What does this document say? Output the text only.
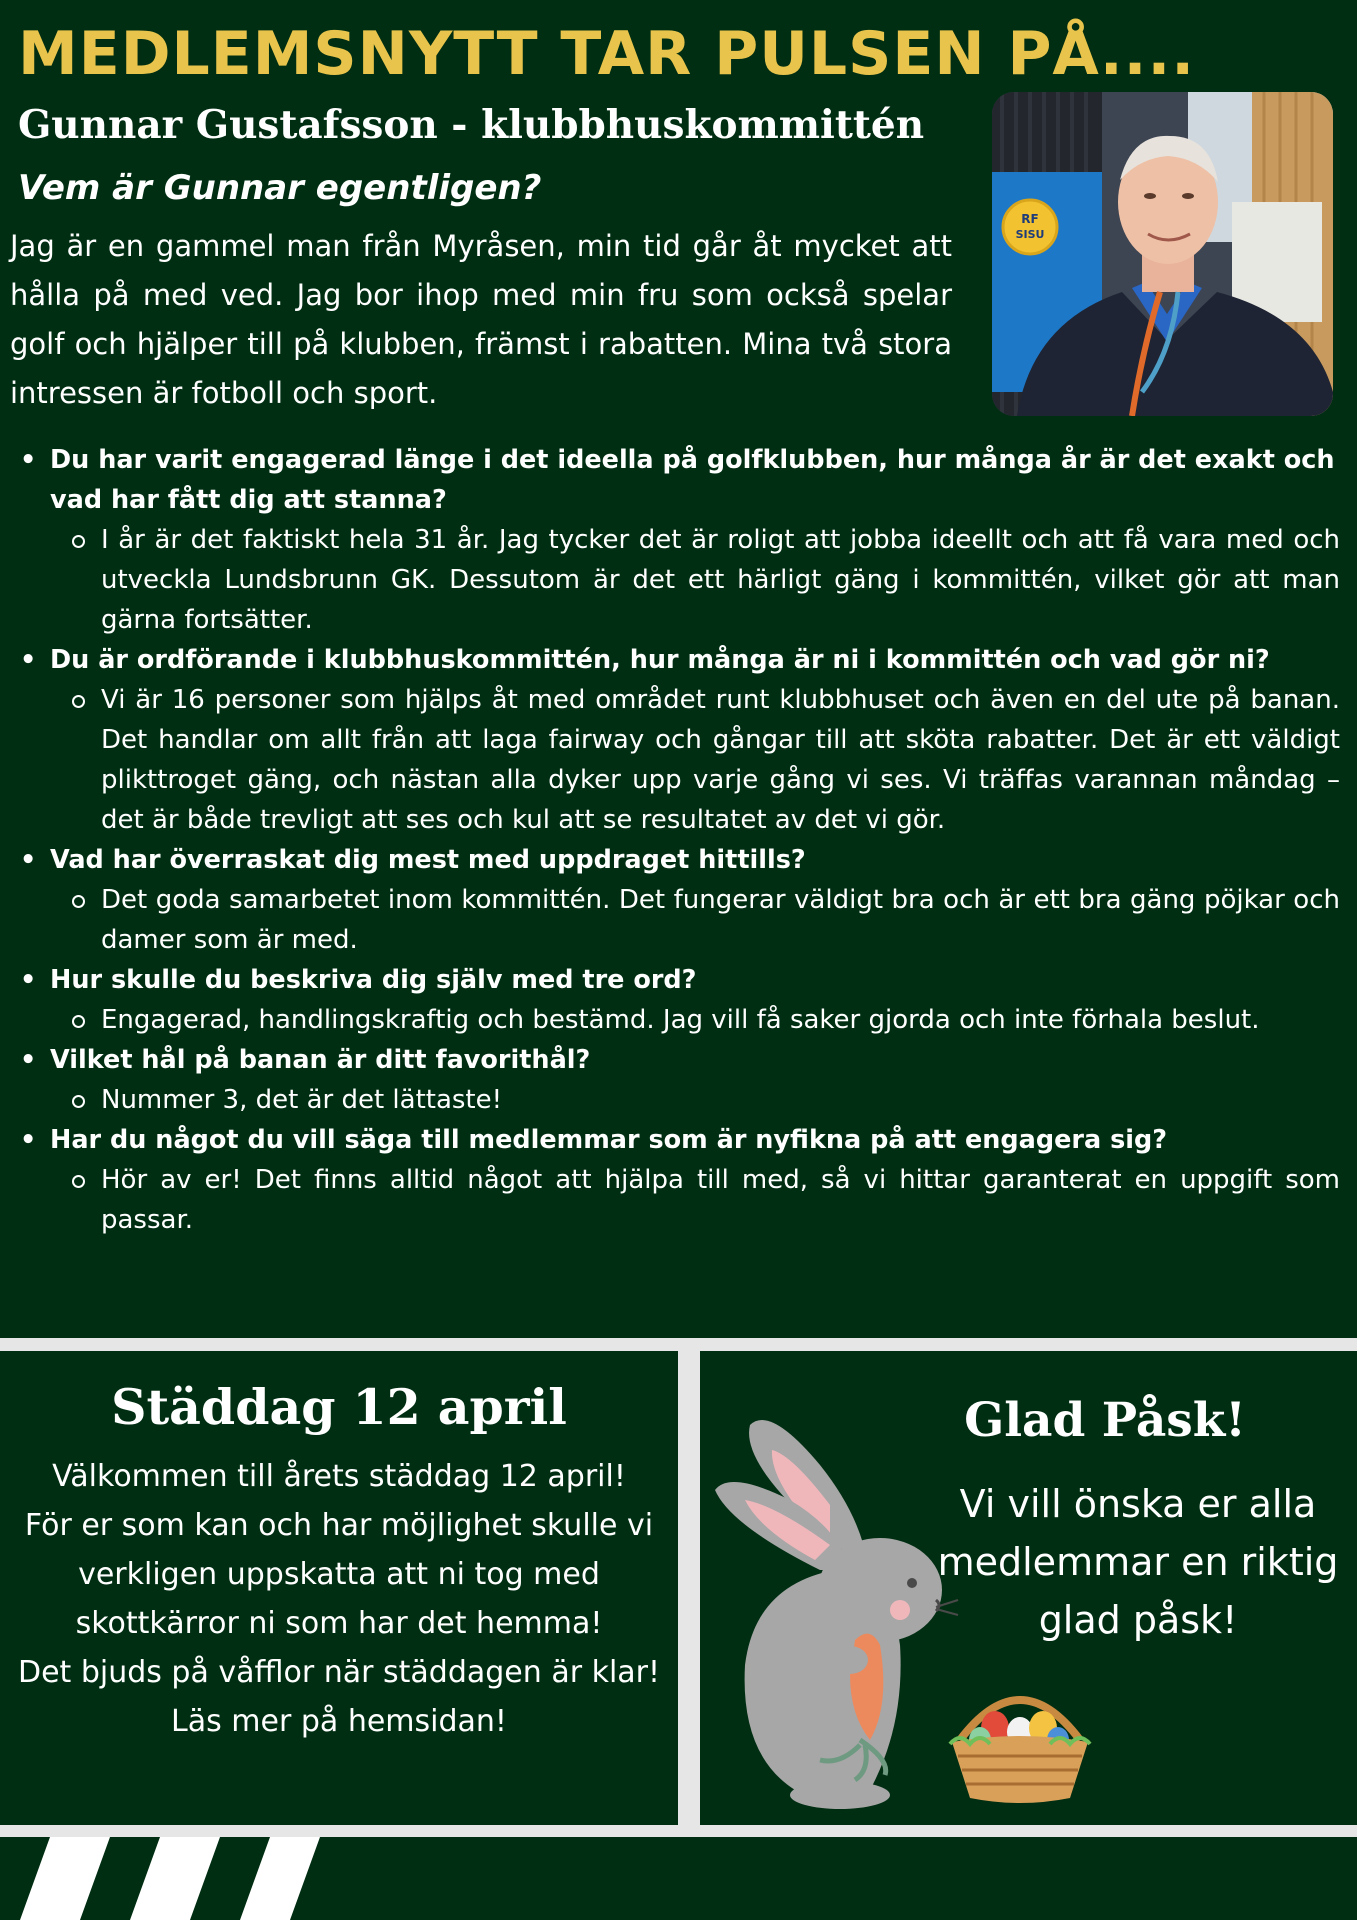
MEDLEMSNYTT TAR PULSEN PÅ....
Gunnar Gustafsson - klubbhuskommittén
Vem är Gunnar egentligen?

Jag är en gammel man från Myråsen, min tid går åt mycket att hålla på med ved. Jag bor ihop med min fru som också spelar golf och hjälper till på klubben, främst i rabatten. Mina två stora intressen är fotboll och sport.

RF
SISU

• Du har varit engagerad länge i det ideella på golfklubben, hur många år är det exakt och vad har fått dig att stanna?

I år är det faktiskt hela 31 år. Jag tycker det är roligt att jobba ideellt och att få vara med och utveckla Lundsbrunn GK. Dessutom är det ett härligt gäng i kommittén, vilket gör att man gärna fortsätter.

• Du är ordförande i klubbhuskommittén, hur många är ni i kommittén och vad gör ni?

Vi är 16 personer som hjälps åt med området runt klubbhuset och även en del ute på banan. Det handlar om allt från att laga fairway och gångar till att sköta rabatter. Det är ett väldigt plikttroget gäng, och nästan alla dyker upp varje gång vi ses. Vi träffas varannan måndag – det är både trevligt att ses och kul att se resultatet av det vi gör.

• Vad har överraskat dig mest med uppdraget hittills?

Det goda samarbetet inom kommittén. Det fungerar väldigt bra och är ett bra gäng pöjkar och damer som är med.

• Hur skulle du beskriva dig själv med tre ord?

Engagerad, handlingskraftig och bestämd. Jag vill få saker gjorda och inte förhala beslut.

• Vilket hål på banan är ditt favorithål?

Nummer 3, det är det lättaste!

• Har du något du vill säga till medlemmar som är nyfikna på att engagera sig?

Hör av er! Det finns alltid något att hjälpa till med, så vi hittar garanterat en uppgift som passar.

Städdag 12 april
Välkommen till årets städdag 12 april!
För er som kan och har möjlighet skulle vi verkligen uppskatta att ni tog med skottkärror ni som har det hemma!
Det bjuds på våfflor när städdagen är klar!
Läs mer på hemsidan!
Glad Påsk!

Vi vill önska er alla medlemmar en riktig glad påsk!
